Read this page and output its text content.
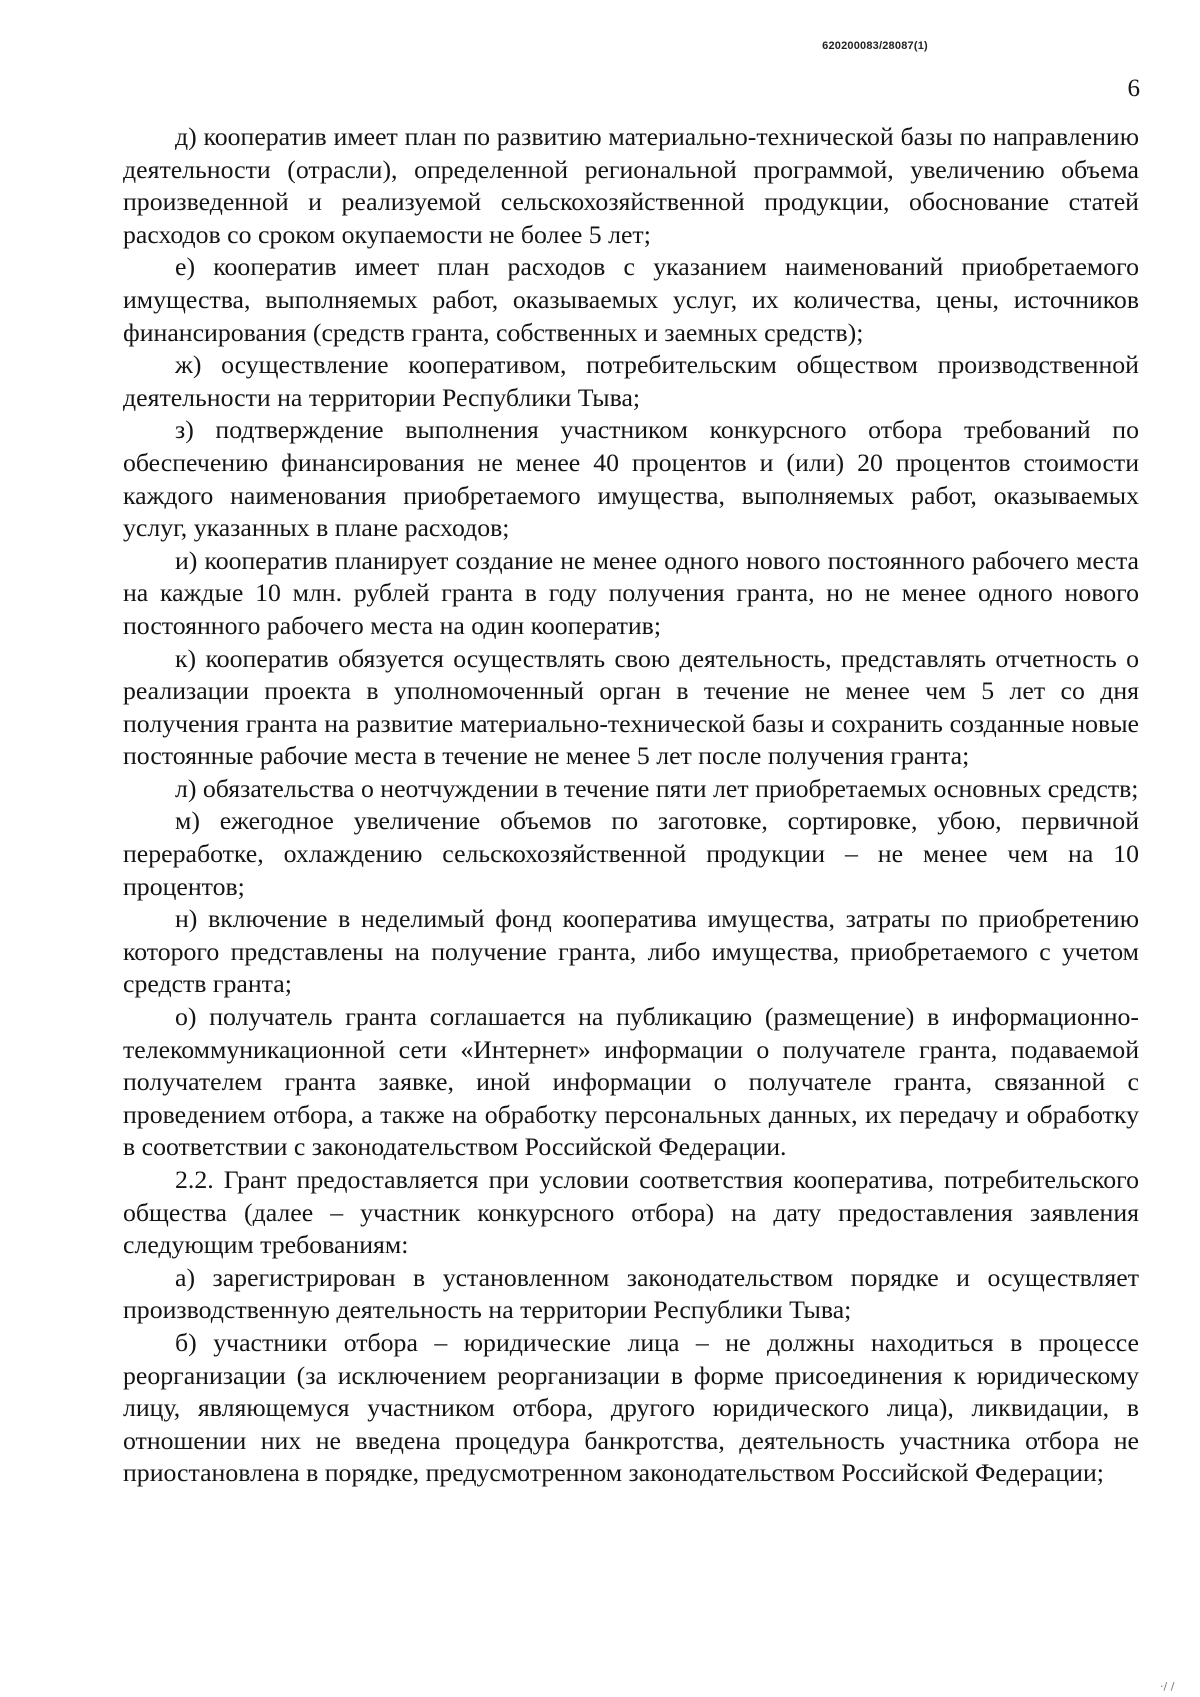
620200083/28087(1)
6

д) кооператив имеет план по развитию материально-технической базы по направлению деятельности (отрасли), определенной региональной программой, увеличению объема произведенной и реализуемой сельскохозяйственной продукции, обоснование статей расходов со сроком окупаемости не более 5 лет;

е) кооператив имеет план расходов с указанием наименований приобретаемого имущества, выполняемых работ, оказываемых услуг, их количества, цены, источников финансирования (средств гранта, собственных и заемных средств);

ж) осуществление кооперативом, потребительским обществом производственной деятельности на территории Республики Тыва;

з) подтверждение выполнения участником конкурсного отбора требований по обеспечению финансирования не менее 40 процентов и (или) 20 процентов стоимости каждого наименования приобретаемого имущества, выполняемых работ, оказываемых услуг, указанных в плане расходов;

и) кооператив планирует создание не менее одного нового постоянного рабочего места на каждые 10 млн. рублей гранта в году получения гранта, но не менее одного нового постоянного рабочего места на один кооператив;

к) кооператив обязуется осуществлять свою деятельность, представлять отчетность о реализации проекта в уполномоченный орган в течение не менее чем 5 лет со дня получения гранта на развитие материально-технической базы и сохранить созданные новые постоянные рабочие места в течение не менее 5 лет после получения гранта;

л) обязательства о неотчуждении в течение пяти лет приобретаемых основных средств;

м) ежегодное увеличение объемов по заготовке, сортировке, убою, первичной переработке, охлаждению сельскохозяйственной продукции – не менее чем на 10 процентов;

н) включение в неделимый фонд кооператива имущества, затраты по приобретению которого представлены на получение гранта, либо имущества, приобретаемого с учетом средств гранта;

о) получатель гранта соглашается на публикацию (размещение) в информационно-телекоммуникационной сети «Интернет» информации о получателе гранта, подаваемой получателем гранта заявке, иной информации о получателе гранта, связанной с проведением отбора, а также на обработку персональных данных, их передачу и обработку в соответствии с законодательством Российской Федерации.

2.2. Грант предоставляется при условии соответствия кооператива, потребительского общества (далее – участник конкурсного отбора) на дату предоставления заявления следующим требованиям:

а) зарегистрирован в установленном законодательством порядке и осуществляет производственную деятельность на территории Республики Тыва;

б) участники отбора – юридические лица – не должны находиться в процессе реорганизации (за исключением реорганизации в форме присоединения к юридическому лицу, являющемуся участником отбора, другого юридического лица), ликвидации, в отношении них не введена процедура банкротства, деятельность участника отбора не приостановлена в порядке, предусмотренном законодательством Российской Федерации;

·/ /
